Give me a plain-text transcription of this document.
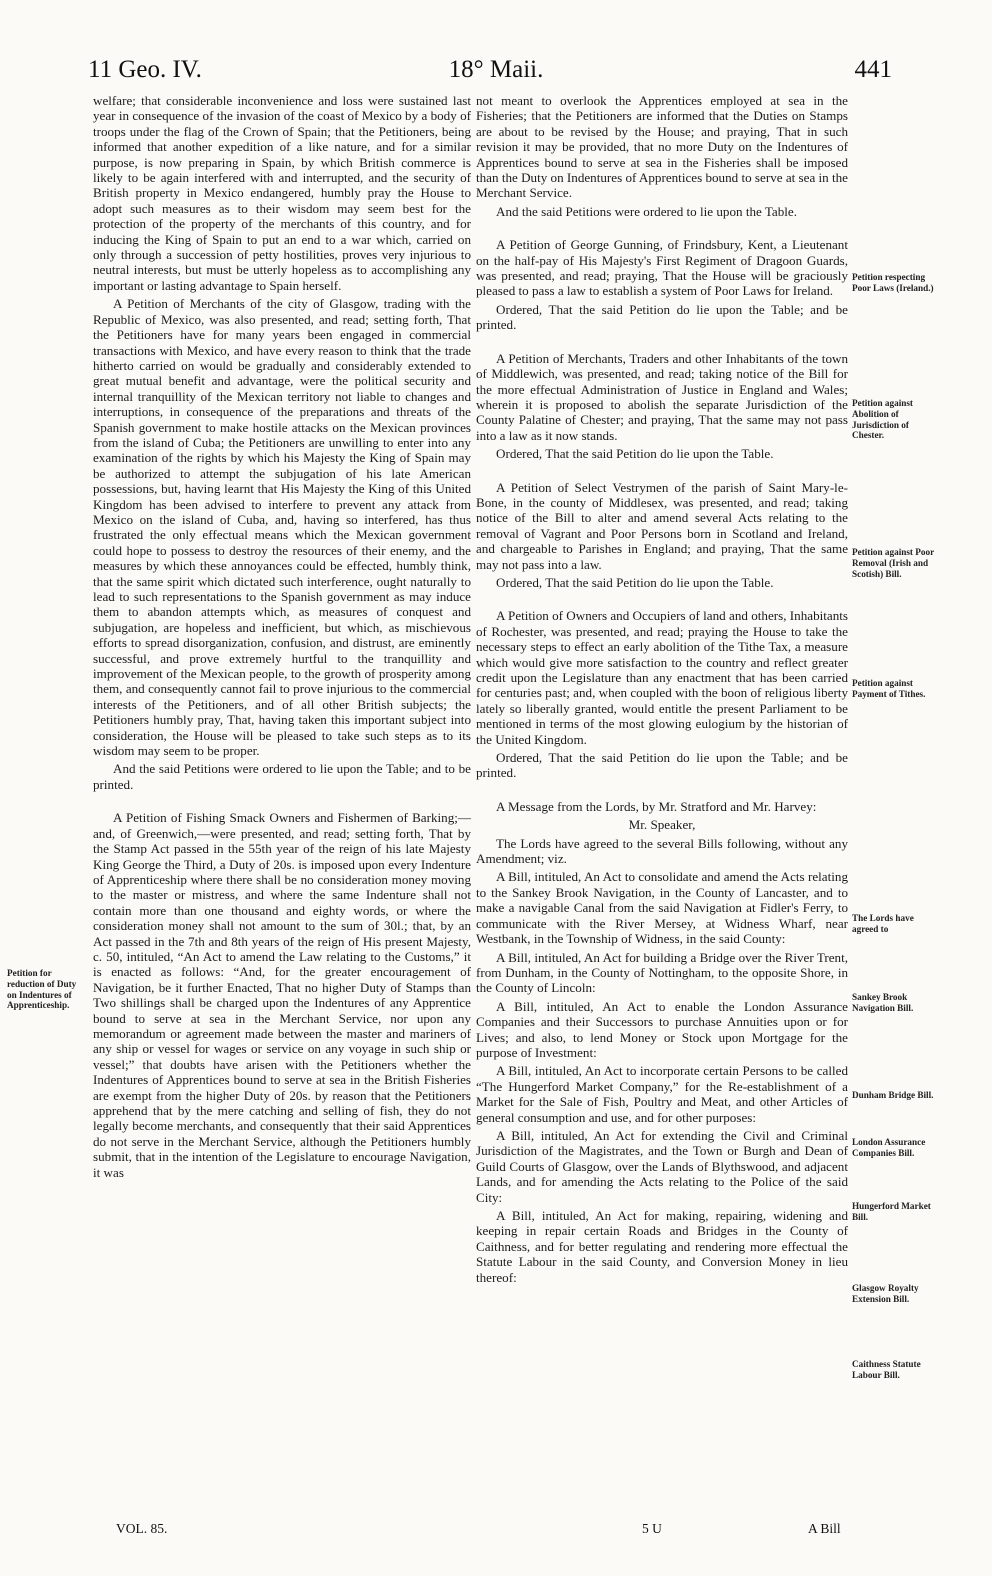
11 Geo. IV.	18° Maii.	441

welfare; that considerable inconvenience and loss were sustained last year in consequence of the invasion of the coast of Mexico by a body of troops under the flag of the Crown of Spain; that the Petitioners, being informed that another expedition of a like nature, and for a similar purpose, is now preparing in Spain, by which British commerce is likely to be again interfered with and interrupted, and the security of British property in Mexico endangered, humbly pray the House to adopt such measures as to their wisdom may seem best for the protection of the property of the merchants of this country, and for inducing the King of Spain to put an end to a war which, carried on only through a succession of petty hostilities, proves very injurious to neutral interests, but must be utterly hopeless as to accomplishing any important or lasting advantage to Spain herself.

A Petition of Merchants of the city of Glasgow, trading with the Republic of Mexico, was also presented, and read; setting forth, That the Petitioners have for many years been engaged in commercial transactions with Mexico, and have every reason to think that the trade hitherto carried on would be gradually and considerably extended to great mutual benefit and advantage, were the political security and internal tranquillity of the Mexican territory not liable to changes and interruptions, in consequence of the preparations and threats of the Spanish government to make hostile attacks on the Mexican provinces from the island of Cuba; the Petitioners are unwilling to enter into any examination of the rights by which his Majesty the King of Spain may be authorized to attempt the subjugation of his late American possessions, but, having learnt that His Majesty the King of this United Kingdom has been advised to interfere to prevent any attack from Mexico on the island of Cuba, and, having so interfered, has thus frustrated the only effectual means which the Mexican government could hope to possess to destroy the resources of their enemy, and the measures by which these annoyances could be effected, humbly think, that the same spirit which dictated such interference, ought naturally to lead to such representations to the Spanish government as may induce them to abandon attempts which, as measures of conquest and subjugation, are hopeless and inefficient, but which, as mischievous efforts to spread disorganization, confusion, and distrust, are eminently successful, and prove extremely hurtful to the tranquillity and improvement of the Mexican people, to the growth of prosperity among them, and consequently cannot fail to prove injurious to the commercial interests of the Petitioners, and of all other British subjects; the Petitioners humbly pray, That, having taken this important subject into consideration, the House will be pleased to take such steps as to its wisdom may seem to be proper.

And the said Petitions were ordered to lie upon the Table; and to be printed.

A Petition of Fishing Smack Owners and Fishermen of Barking;—and, of Greenwich,—were presented, and read; setting forth, That by the Stamp Act passed in the 55th year of the reign of his late Majesty King George the Third, a Duty of 20s. is imposed upon every Indenture of Apprenticeship where there shall be no consideration money moving to the master or mistress, and where the same Indenture shall not contain more than one thousand and eighty words, or where the consideration money shall not amount to the sum of 30l.; that, by an Act passed in the 7th and 8th years of the reign of His present Majesty, c. 50, intituled, “An Act to amend the Law relating to the Customs,” it is enacted as follows: “And, for the greater encouragement of Navigation, be it further Enacted, That no higher Duty of Stamps than Two shillings shall be charged upon the Indentures of any Apprentice bound to serve at sea in the Merchant Service, nor upon any memorandum or agreement made between the master and mariners of any ship or vessel for wages or service on any voyage in such ship or vessel;” that doubts have arisen with the Petitioners whether the Indentures of Apprentices bound to serve at sea in the British Fisheries are exempt from the higher Duty of 20s. by reason that the Petitioners apprehend that by the mere catching and selling of fish, they do not legally become merchants, and consequently that their said Apprentices do not serve in the Merchant Service, although the Petitioners humbly submit, that in the intention of the Legislature to encourage Navigation, it was

not meant to overlook the Apprentices employed at sea in the Fisheries; that the Petitioners are informed that the Duties on Stamps are about to be revised by the House; and praying, That in such revision it may be provided, that no more Duty on the Indentures of Apprentices bound to serve at sea in the Fisheries shall be imposed than the Duty on Indentures of Apprentices bound to serve at sea in the Merchant Service.

And the said Petitions were ordered to lie upon the Table.

A Petition of George Gunning, of Frindsbury, Kent, a Lieutenant on the half-pay of His Majesty's First Regiment of Dragoon Guards, was presented, and read; praying, That the House will be graciously pleased to pass a law to establish a system of Poor Laws for Ireland.

Ordered, That the said Petition do lie upon the Table; and be printed.

A Petition of Merchants, Traders and other Inhabitants of the town of Middlewich, was presented, and read; taking notice of the Bill for the more effectual Administration of Justice in England and Wales; wherein it is proposed to abolish the separate Jurisdiction of the County Palatine of Chester; and praying, That the same may not pass into a law as it now stands.

Ordered, That the said Petition do lie upon the Table.

A Petition of Select Vestrymen of the parish of Saint Mary-le-Bone, in the county of Middlesex, was presented, and read; taking notice of the Bill to alter and amend several Acts relating to the removal of Vagrant and Poor Persons born in Scotland and Ireland, and chargeable to Parishes in England; and praying, That the same may not pass into a law.

Ordered, That the said Petition do lie upon the Table.

A Petition of Owners and Occupiers of land and others, Inhabitants of Rochester, was presented, and read; praying the House to take the necessary steps to effect an early abolition of the Tithe Tax, a measure which would give more satisfaction to the country and reflect greater credit upon the Legislature than any enactment that has been carried for centuries past; and, when coupled with the boon of religious liberty lately so liberally granted, would entitle the present Parliament to be mentioned in terms of the most glowing eulogium by the historian of the United Kingdom.

Ordered, That the said Petition do lie upon the Table; and be printed.

A Message from the Lords, by Mr. Stratford and Mr. Harvey:

Mr. Speaker,

The Lords have agreed to the several Bills following, without any Amendment; viz.

A Bill, intituled, An Act to consolidate and amend the Acts relating to the Sankey Brook Navigation, in the County of Lancaster, and to make a navigable Canal from the said Navigation at Fidler's Ferry, to communicate with the River Mersey, at Widness Wharf, near Westbank, in the Township of Widness, in the said County:

A Bill, intituled, An Act for building a Bridge over the River Trent, from Dunham, in the County of Nottingham, to the opposite Shore, in the County of Lincoln:

A Bill, intituled, An Act to enable the London Assurance Companies and their Successors to purchase Annuities upon or for Lives; and also, to lend Money or Stock upon Mortgage for the purpose of Investment:

A Bill, intituled, An Act to incorporate certain Persons to be called “The Hungerford Market Company,” for the Re-establishment of a Market for the Sale of Fish, Poultry and Meat, and other Articles of general consumption and use, and for other purposes:

A Bill, intituled, An Act for extending the Civil and Criminal Jurisdiction of the Magistrates, and the Town or Burgh and Dean of Guild Courts of Glasgow, over the Lands of Blythswood, and adjacent Lands, and for amending the Acts relating to the Police of the said City:

A Bill, intituled, An Act for making, repairing, widening and keeping in repair certain Roads and Bridges in the County of Caithness, and for better regulating and rendering more effectual the Statute Labour in the said County, and Conversion Money in lieu thereof:

Petition for reduction of Duty on Indentures of Apprenticeship.
Petition respecting Poor Laws (Ireland.)
Petition against Abolition of Jurisdiction of Chester.
Petition against Poor Removal (Irish and Scotish) Bill.
Petition against Payment of Tithes.
The Lords have agreed to
Sankey Brook Navigation Bill.
Dunham Bridge Bill.
London Assurance Companies Bill.
Hungerford Market Bill.
Glasgow Royalty Extension Bill.
Caithness Statute Labour Bill.
VOL. 85.	5 U	A Bill
